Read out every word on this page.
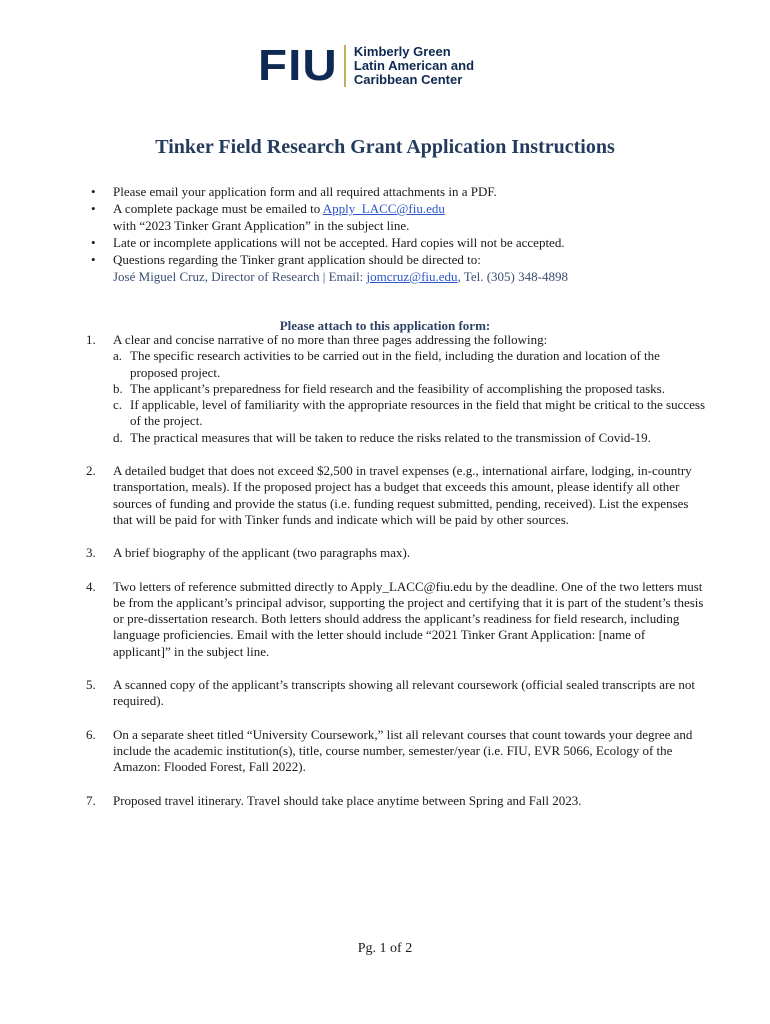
FIU Kimberly Green
Latin American and
Caribbean Center
Tinker Field Research Grant Application Instructions
• Please email your application form and all required attachments in a PDF.
• A complete package must be emailed to Apply_LACC@fiu.edu
with “2023 Tinker Grant Application” in the subject line.
• Late or incomplete applications will not be accepted. Hard copies will not be accepted.
• Questions regarding the Tinker grant application should be directed to:
José Miguel Cruz, Director of Research | Email: jomcruz@fiu.edu, Tel. (305) 348-4898
Please attach to this application form:
1. A clear and concise narrative of no more than three pages addressing the following:
a. The specific research activities to be carried out in the field, including the duration and location of the proposed project.
b. The applicant’s preparedness for field research and the feasibility of accomplishing the proposed tasks.
c. If applicable, level of familiarity with the appropriate resources in the field that might be critical to the success of the project.
d. The practical measures that will be taken to reduce the risks related to the transmission of Covid-19.
2. A detailed budget that does not exceed $2,500 in travel expenses (e.g., international airfare, lodging, in-country transportation, meals). If the proposed project has a budget that exceeds this amount, please identify all other sources of funding and provide the status (i.e. funding request submitted, pending, received). List the expenses that will be paid for with Tinker funds and indicate which will be paid by other sources.
3. A brief biography of the applicant (two paragraphs max).
4. Two letters of reference submitted directly to Apply_LACC@fiu.edu by the deadline. One of the two letters must be from the applicant’s principal advisor, supporting the project and certifying that it is part of the student’s thesis or pre-dissertation research. Both letters should address the applicant’s readiness for field research, including language proficiencies. Email with the letter should include “2021 Tinker Grant Application: [name of applicant]” in the subject line.
5. A scanned copy of the applicant’s transcripts showing all relevant coursework (official sealed transcripts are not required).
6. On a separate sheet titled “University Coursework,” list all relevant courses that count towards your degree and include the academic institution(s), title, course number, semester/year (i.e. FIU, EVR 5066, Ecology of the Amazon: Flooded Forest, Fall 2022).
7. Proposed travel itinerary. Travel should take place anytime between Spring and Fall 2023.
Pg. 1 of 2
